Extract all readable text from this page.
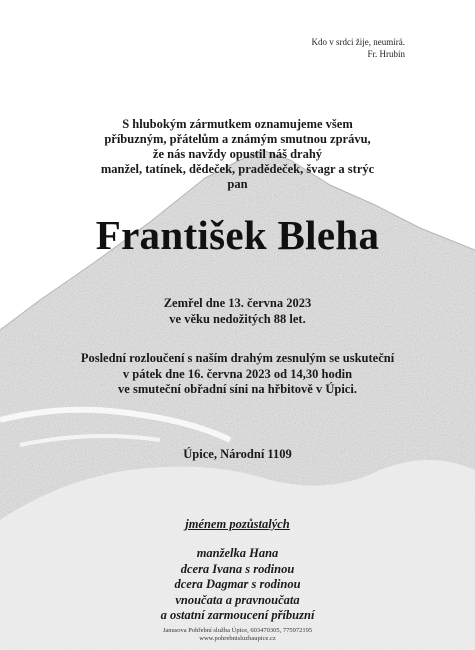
Kdo v srdci žije, neumírá.
Fr. Hrubín
S hlubokým zármutkem oznamujeme všem
příbuzným, přátelům a známým smutnou zprávu,
že nás navždy opustil náš drahý
manžel, tatínek, dědeček, pradědeček, švagr a strýc
pan
František Bleha
Zemřel dne 13. června 2023
ve věku nedožitých 88 let.
Poslední rozloučení s naším drahým zesnulým se uskuteční
v pátek dne 16. června 2023 od 14,30 hodin
ve smuteční obřadní síni na hřbitově v Úpici.
Úpice, Národní 1109
jménem pozůstalých
manželka Hana
dcera Ivana s rodinou
dcera Dagmar s rodinou
vnoučata a pravnoučata
a ostatní zarmoucení příbuzní
Janusova Pohřební služba Úpice, 603470305, 775972195
www.pohrebnisluzbaupice.cz
